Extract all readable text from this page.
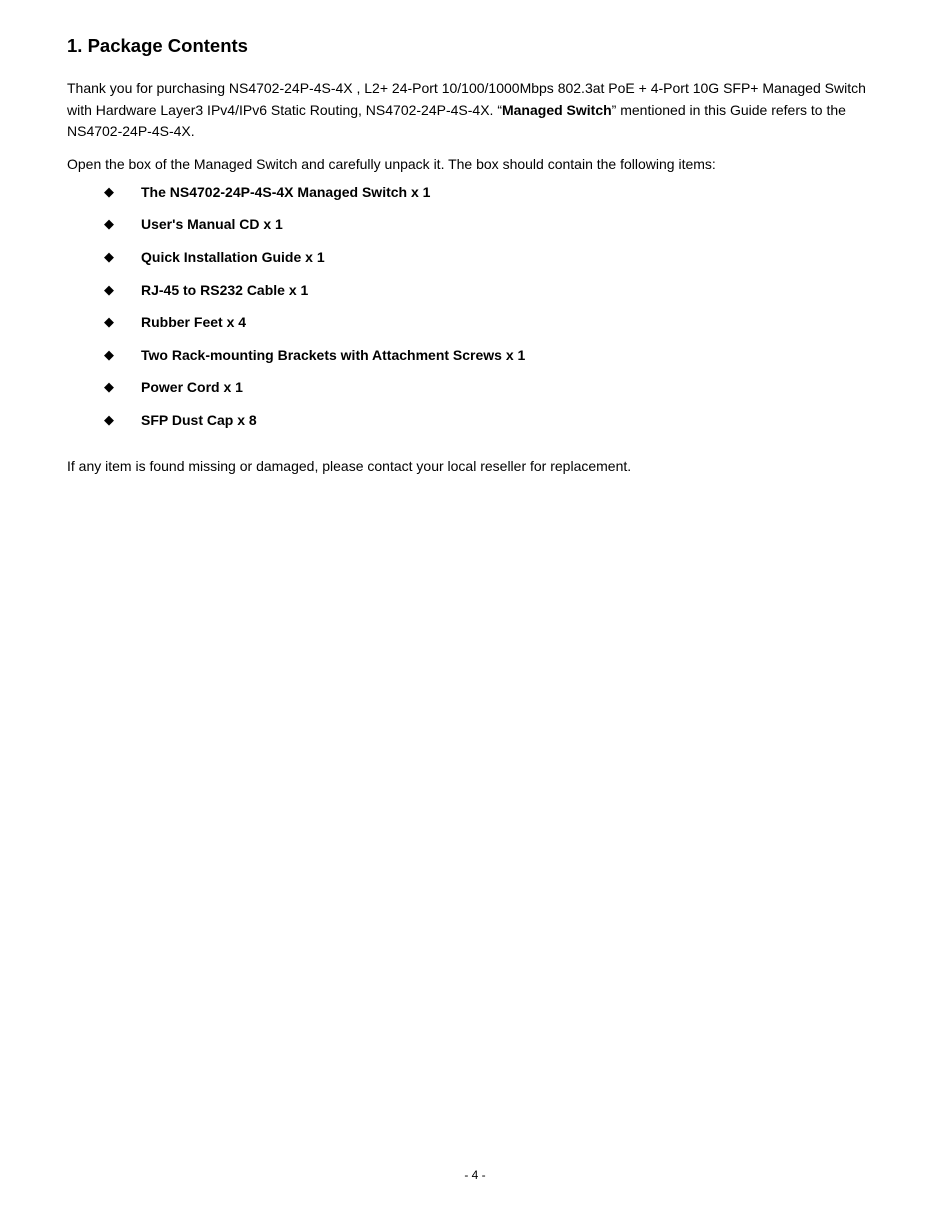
1. Package Contents

Thank you for purchasing NS4702-24P-4S-4X , L2+ 24-Port 10/100/1000Mbps 802.3at PoE + 4-Port 10G SFP+ Managed Switch with Hardware Layer3 IPv4/IPv6 Static Routing, NS4702-24P-4S-4X. “Managed Switch” mentioned in this Guide refers to the NS4702-24P-4S-4X.

Open the box of the Managed Switch and carefully unpack it. The box should contain the following items:

◆ The NS4702-24P-4S-4X Managed Switch x 1
◆ User's Manual CD x 1
◆ Quick Installation Guide x 1
◆ RJ-45 to RS232 Cable x 1
◆ Rubber Feet x 4
◆ Two Rack-mounting Brackets with Attachment Screws x 1
◆ Power Cord x 1
◆ SFP Dust Cap x 8

If any item is found missing or damaged, please contact your local reseller for replacement.

- 4 -
